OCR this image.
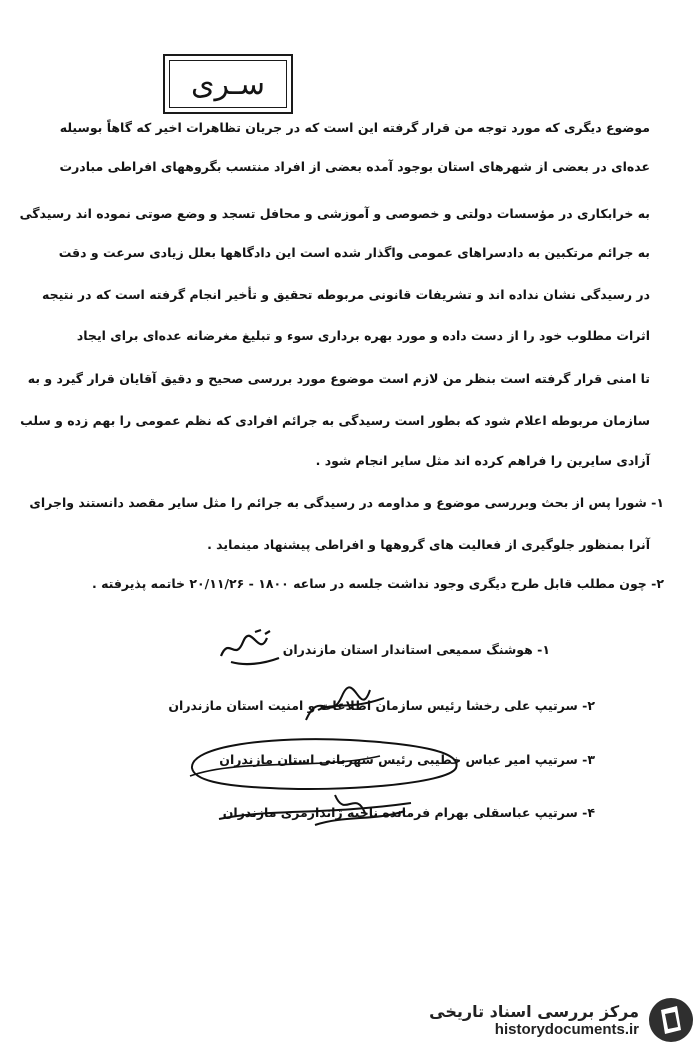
سـری
موضوع دیگری که مورد توجه من قرار گرفته این است که در جریان تظاهرات اخیر که گاهاً بوسیله
عده‌ای در بعضی از شهرهای استان بوجود آمده بعضی از افراد منتسب بگروههای افراطی مبادرت
به خرابکاری در مؤسسات دولتی و خصوصی و آموزشی و محافل تسجد و وضع صوتی نموده اند رسیدگی
به جرائم مرتکبین به دادسراهای عمومی واگذار شده است این دادگاهها بعلل زیادی سرعت و دقت
در رسیدگی نشان نداده اند و تشریفات قانونی مربوطه تحقیق و تأخیر انجام گرفته است که در نتیجه
اثرات مطلوب خود را از دست داده و مورد بهره برداری سوء و تبلیغ مغرضانه عده‌ای برای ایجاد
تا امنی قرار گرفته است بنظر من لازم است موضوع مورد بررسی صحیح و دقیق آقایان قرار گیرد و به
سازمان مربوطه اعلام شود که بطور است رسیدگی به جرائم افرادی که نظم عمومی را بهم زده و سلب
آزادی سایرین را فراهم کرده اند مثل سایر انجام شود .
۱- شورا پس از بحث وبررسی موضوع و مداومه در رسیدگی به جرائم را مثل سایر مقصد دانستند واجرای
آنرا بمنظور جلوگیری از فعالیت های گروهها و افراطی پیشنهاد مینماید .
۲- چون مطلب قابل طرح دیگری وجود نداشت جلسه در ساعه ۱۸۰۰ - ۲۰/۱۱/۲۶ خاتمه پذیرفته .
۱- هوشنگ سمیعی استاندار استان مازندران
۲- سرتیپ علی رخشا رئیس سازمان اطلاعات و امنیت استان مازندران
۳- سرتیپ امیر عباس خطیبی رئیس شهربانی استان مازندران
۴- سرتیپ عباسقلی بهرام فرمانده ناحیه ژاندارمری مازندران
مرکز بررسی اسناد تاریخی
historydocuments.ir
